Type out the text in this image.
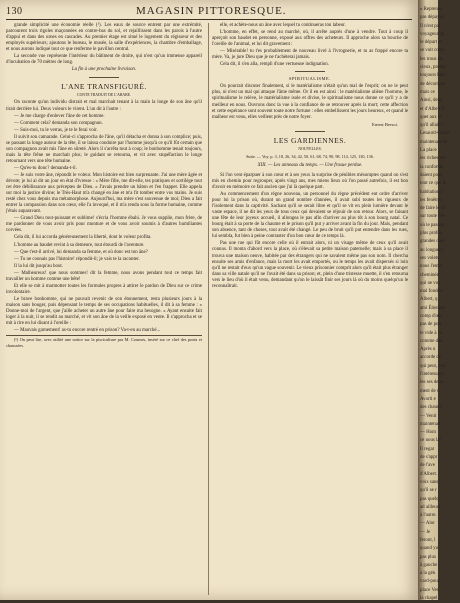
130	MAGASIN PITTORESQUE.

grande simplicité une économie réelle (¹). Les eaux de source entrent par une extrémité, parcourent trois rigoles maçonnées en contre-bas du sol, et rejaillissent dans les parois à l'autre d'appui et dans des urnes en cascades. Au premier étage est situé le logement du régisseur et des employés supérieurs; ajoutons le bureau, le musée, la salle d'expériences, la chambre d'emballage, et nous aurons indiqué tout ce que renferme le pavillon central.

La seconde vue représente l'intérieur du bâtiment de droite, qui n'est qu'un immense appareil d'incubation de 70 mètres de long.

La fin à une prochaine livraison.

L'ANE TRANSFIGURÉ.

CONTE TRADUIT DE L'ARABE.

On raconte qu'un individu distrait et mal marchait tenant à la main la longe de son âne qu'il tirait derrière lui. Deux voleurs le virent. L'un dit à l'autre :

— Je me charge d'enlever l'âne de cet homme.

— Comment cela? demanda son compagnon.

— Suis-moi, tu le verras, je te le ferai voir.

Il suivit son camarade. Celui-ci s'approcha de l'âne, qu'il détacha et donna à son complice; puis, se passant la longe autour de la tête, il se laissa conduire par l'homme jusqu'à ce qu'il fût certain que son compagnon avait mis l'âne en sûreté. Alors il s'arrêta tout à coup; le bonhomme tenait toujours, mais la tête frêne ne marchait plus; le guidant se retourna, et vit avec stupéfaction le longe retournant vers une tête humaine.

— Qu'es-tu donc? demanda-t-il.

— Je suis votre âne, répondit le voleur. Mon histoire est bien surprenante. J'ai une mère âgée et dévote; je lui ai dit un jour en état d'ivresse : « Mère fille, me dit-elle, tes pratiques et sortilège tout cet être débilissance aux préceptes de Dieu. » J'avais prendre un bâton et l'en frapper. Elle appela sur moi la justice divine; le Très-Haut m'a changé en âne et m'a fit tomber entre vos mains. Je suis resté chez vous depuis ma métamorphose. Aujourd'hui, ma mère s'est souvenue de moi; Dieu a fait entrer la compassion dans son cœur, elle l'a invoqué, et il m'a rendu sous la forme humaine, comme j'étais auparavant.

— Grand Dieu tout-puissant et sublime! s'écria l'homme ébahi. Je vous supplie, mon frère, de me pardonner de vous avoir pris pour monture et de vous avoir soumis à d'autres humiliantes corvées.

Cela dit, il lui accorda généreusement la liberté, dont le voleur profita.

L'homme au baudet revint à sa demeure, tout étourdi de l'aventure.

— Que t'est-il arrivé, lui demanda sa femme, et où donc est ton âne?

— Tu ne connais pas l'histoire! répondit-il; je vais te la raconter.

Il la lui dit jusqu'au bout.

— Malheureux! que nous sommes! dit la femme, nous avons pendant tout ce temps fait travailler un homme comme une bête!

Et elle se mit à marmotter toutes les formules propres à attirer le pardon de Dieu sur ce crime involontaire.

Le brave bonhomme, qui ne pouvait revenir de son étonnement, resta plusieurs jours à la maison sans bouger, puis dépensant le temps de ses occupations habituelles, il dit à sa femme : « Donne-moi de l'argent, que j'aille acheter un autre âne pour faire ma besogne. » Ayant ensuite fait loger à la nuit, il se rendit au marché, et vit son âne de la veille exposé en vente. Il s'approcha et se mit à rire en lui disant à l'oreille :

— Mauvais garnement! as-tu encore rentré en prison? Va-t-en au marché...

(¹) On peut lire, avec utilité une notice sur la pisciculture par M. Coumes, inséré sur ce chef des ponts et chaussées.

elle, et achète-nous un âne avec lequel tu continueras ton labeur.

L'homme, en effet, se rend au marché, où, il arrête auprès d'une à vendre. Tout à coup il aperçoit son baudet en personne, exposé aux offres des acheteurs. Il approche alors sa bouche de l'oreille de l'animal, et lui dit gravement :

— Misérable! tu t'es probablement de nouveau livré à l'ivrognerie, et tu as frappé encore ta mère. Va, je jure Dieu que je ne t'achèterai jamais.

Cela dit, il s'en alla, rempli d'une vertueuse indignation.

SPIRITUALISME.

On pourrait discuter finalement, si le matérialisme n'était qu'un mal de l'esprit; on ne le peut plus, ni n'est un mal qui attaque l'âme même. Or il en est ainsi : le matérialisme aliène l'homme, le spiritualisme le relève, le matérialisme isole et divise, le spiritualisme nous donne ce qu'il y a de meilleur en nous. Ouvrons donc la vue à la confiance de se retrouver après la mort; cette affection et cette espérance sont souvent toute notre fortune : elles embellissent les jours heureux, et quand le malheur est venu, elles veillent près de notre foyer.

Ernest Bersot.

LES GARDIENNES.

NOUVELLES.

Suite. — Voy. p. 3, 18, 26, 34, 42, 50, 61, 68, 74, 90, 98, 114, 125, 130, 136.

XIII. — Les anneaux du temps. — Une frasue perdue.

Si l'on vent éparpuer à son cœur et à ses yeux la surprise de pénibles mésomptes quand on s'est mis en chemin pour regrouper, après vingt ans, mes miens lieux où l'on passé autrefois, il est bon d'avoir en mémoire ce fait ancien que j'ai là quelque part.

Au commencement d'un régne nouveau, un personnel du règne précédent eut ordre d'arriver pour lui la prison où, durant un grand nombre d'années, il avait subi toutes les rigueurs de l'isolement dans la captivité. Sachant qu'il se serait libre et qu'il se vit en plein lumière devant le vaste espace, il ne dit les yeux de tous ceux qui devaient se réjouir de son retour. Alors, se faisant une fête de leur joyeux accueil, il allongea le pas afin d'arriver au plus tôt à son bourg natal. Ce bourg était à sa porte de la chaume et le prison qu'il put y arriver avant la fin du jour. Mais, pendant son absence, tant de choses, tout avait été changé. Le peu de bruit qu'il put entendre dans les rues, lui sembla, fut bien à peine contraster d'un bon cœur de ce temps là.

Pas une rue qui fût encore celle où il entrait alors, ni un visage même de ceux qu'il avait connus. Il monta d'abord vers la place, où s'élevait sa petite maison paternelle; mais à sa place il trouva une maison neuve, habitée par des étrangers qui ne savaient même pas son nom. Il chercha ensuite ses amis d'enfance, mais la mort les avait emportés, ou le temps les avait dispersés si loin qu'il ne restait d'eux qu'un vague souvenir. Le vieux prisonnier comprit alors qu'il était plus étranger dans sa ville natale qu'il ne l'avait été dans sa prison; et, plein d'une tristesse muette, il s'en retourna vers le lieu d'où il était venu, demandant qu'on le laissât finir ses jours là où du moins quelqu'un le reconnaîtrait.

« Reprenez
pas dépaysé
Il n'est pas
voyageur qu
le départ et
se voit cond
les trous de
cieux, promp
toujours bien
de décompte
mais ce
Ainsi, depu
et d'Albert V
quet aux re
qu'il allait r
Lesaurd-Cauch
maintenant de
La place
les riches ma
la confortab
daient pour
tout ce que le
habitation à
les fenêtres
de faire le ch
sur toute l'ét
où le passag
plus profon
grandes dam
au longueur
ses volets
nous l'entre
cheminée
qui ne voy
mal fondés
Albert, q
ami Étiennet
comp d'œil
pas de port
le vide à l'e
comme dan
Après u
accorde de
qui peut, con
l'intéressant
les ses deux
ment de s
Avorti e
des chaum
— Venit
maintenan
— Hom
ce nous lai
Il regar
de s'appr
de l'ave
d'Albert.
voix sans
qu'il se r
pas quelq
ad ailleurs
à l'autre.
— Alor
— Je
feront, l
quand yu
pas plus
à gauche
a la gén
vard-pour
place Ves
la chapel
